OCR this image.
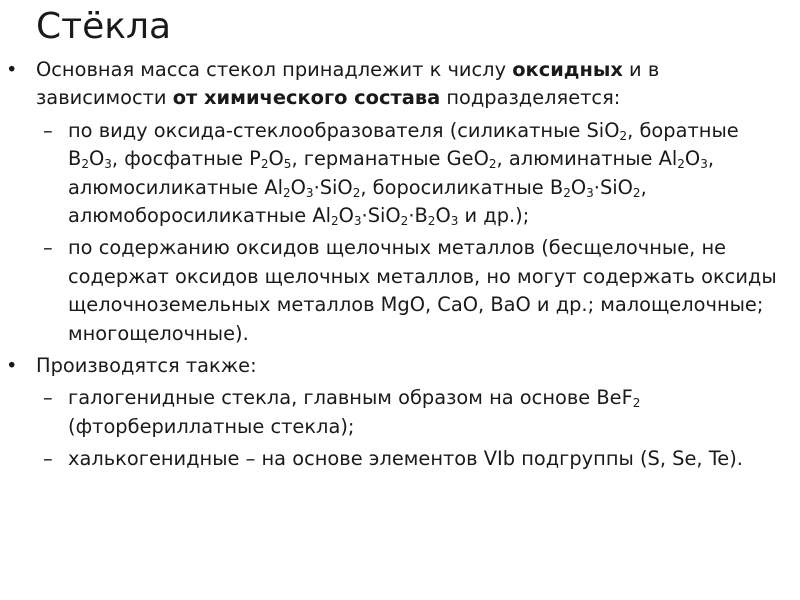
Стёкла
• Основная масса стекол принадлежит к числу оксидных и в зависимости от химического состава подразделяется:
– по виду оксида-стеклообразователя (силикатные SiO$_2$, боратные $B_2O_3$, фосфатные $P_2O_5$, германатные GeO$_2$, алюминатные $Al_2O_3$, алюмосиликатные $Al_2O_3\cdot SiO_2$, боросиликатные $B_2O_3\cdot SiO_2$, алюмоборосиликатные $Al_2O_3\cdot SiO_2\cdot B_2O_3$ и др.);
– по содержанию оксидов щелочных металлов (бесщелочные, не содержат оксидов щелочных металлов, но могут содержать оксиды щелочноземельных металлов MgO, CaO, BaO и др.; малощелочные; многощелочные).
• Производятся также:
– галогенидные стекла, главным образом на основе BeF$_2$ (фторбериллатные стекла);
– халькогенидные – на основе элементов VIb подгруппы (S, Se, Te).
